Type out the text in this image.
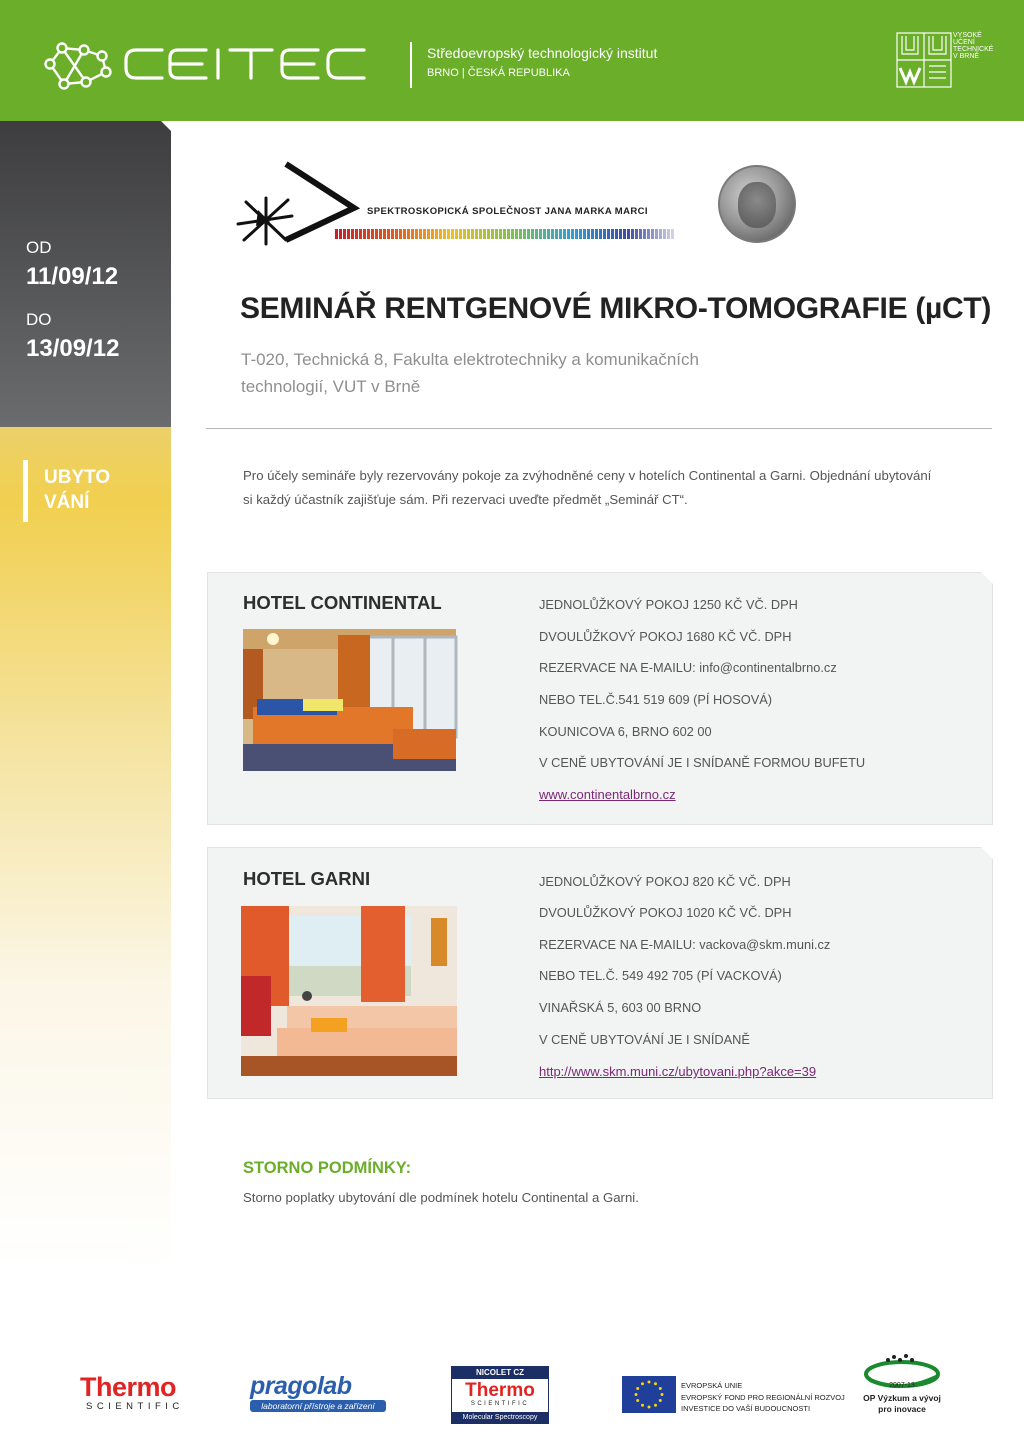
CEITEC
Středoevropský technologický institut
BRNO | ČESKÁ REPUBLIKA
VYSOKÉ
UČENÍ
TECHNICKÉ
V BRNĚ
OD
11/09/12
DO
13/09/12
UBYTO
VÁNÍ
SPEKTROSKOPICKÁ SPOLEČNOST JANA MARKA MARCI
SEMINÁŘ RENTGENOVÉ MIKRO-TOMOGRAFIE (µCT)
T-020, Technická 8, Fakulta elektrotechniky a komunikačních
technologií, VUT v Brně
Pro účely semináře byly rezervovány pokoje za zvýhodněné ceny v hotelích Continental a Garni. Objednání ubytování
si každý účastník zajišťuje sám. Při rezervaci uveďte předmět „Seminář CT“.
HOTEL CONTINENTAL	JEDNOLŮŽKOVÝ POKOJ 1250 KČ VČ. DPH
DVOULŮŽKOVÝ POKOJ 1680 KČ VČ. DPH
REZERVACE NA E-MAILU: info@continentalbrno.cz
NEBO TEL.Č.541 519 609 (PÍ HOSOVÁ)
KOUNICOVA 6, BRNO 602 00
V CENĚ UBYTOVÁNÍ JE I SNÍDANĚ FORMOU BUFETU
www.continentalbrno.cz
HOTEL GARNI	JEDNOLŮŽKOVÝ POKOJ 820 KČ VČ. DPH
DVOULŮŽKOVÝ POKOJ 1020 KČ VČ. DPH
REZERVACE NA E-MAILU: vackova@skm.muni.cz
NEBO TEL.Č. 549 492 705 (PÍ VACKOVÁ)
VINAŘSKÁ 5, 603 00 BRNO
V CENĚ UBYTOVÁNÍ JE I SNÍDANĚ
http://www.skm.muni.cz/ubytovani.php?akce=39
STORNO PODMÍNKY:
Storno poplatky ubytování dle podmínek hotelu Continental a Garni.
Thermo
SCIENTIFIC
pragolab
laboratorní přístroje a zařízení
NICOLET CZ
Thermo
SCIENTIFIC
Molecular Spectroscopy
EVROPSKÁ UNIE
EVROPSKÝ FOND PRO REGIONÁLNÍ ROZVOJ
INVESTICE DO VAŠÍ BUDOUCNOSTI
2007-13
OP Výzkum a vývoj
pro inovace
